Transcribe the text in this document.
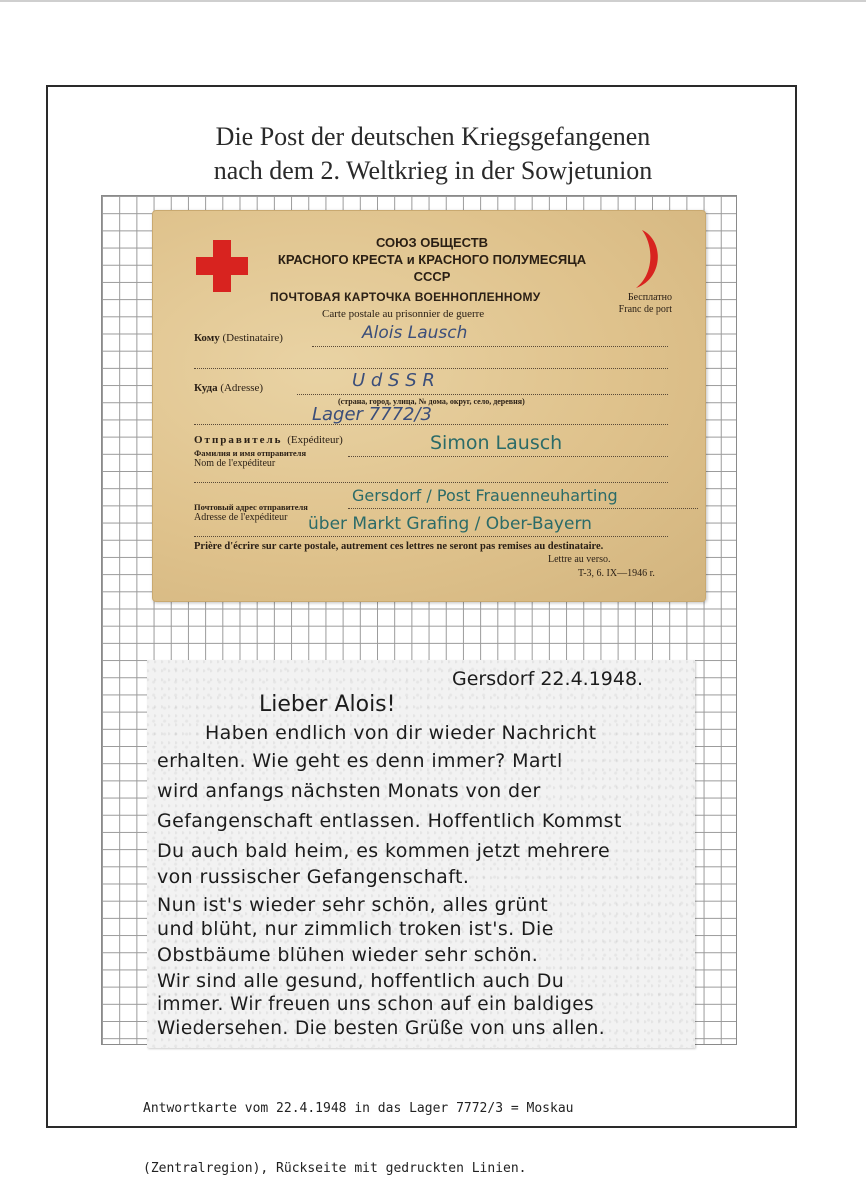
Die Post der deutschen Kriegsgefangenen
nach dem 2. Weltkrieg in der Sowjetunion
СОЮЗ ОБЩЕСТВ
КРАСНОГО КРЕСТА и КРАСНОГО ПОЛУМЕСЯЦА
СССР
ПОЧТОВАЯ КАРТОЧКА ВОЕННОПЛЕННОМУ
Carte postale au prisonnier de guerre
Бесплатно
Franc de port
Кому (Destinataire)	Alois Lausch
Куда (Adresse)	U d S S R
(страна, город, улица, № дома, округ, село, деревня)
Lager 7772/3
Отправитель (Expéditeur)
Фамилия и имя отправителя
Nom de l'expéditeur
Simon Lausch
Почтовый адрес отправителя
Adresse de l'expéditeur
Gersdorf / Post Frauenneuharting
über Markt Grafing / Ober-Bayern
Prière d'écrire sur carte postale, autrement ces lettres ne seront pas remises au destinataire.
Lettre au verso.
T-3, 6. IX—1946 r.
Gersdorf 22.4.1948.
Lieber Alois!
Haben endlich von dir wieder Nachricht
erhalten. Wie geht es denn immer? Martl
wird anfangs nächsten Monats von der
Gefangenschaft entlassen. Hoffentlich Kommst
Du auch bald heim, es kommen jetzt mehrere
von russischer Gefangenschaft.
Nun ist's wieder sehr schön, alles grünt
und blüht, nur zimmlich troken ist's. Die
Obstbäume blühen wieder sehr schön.
Wir sind alle gesund, hoffentlich auch Du
immer. Wir freuen uns schon auf ein baldiges
Wiedersehen. Die besten Grüße von uns allen.

Antwortkarte vom 22.4.1948 in das Lager 7772/3 = Moskau

(Zentralregion), Rückseite mit gedruckten Linien.
